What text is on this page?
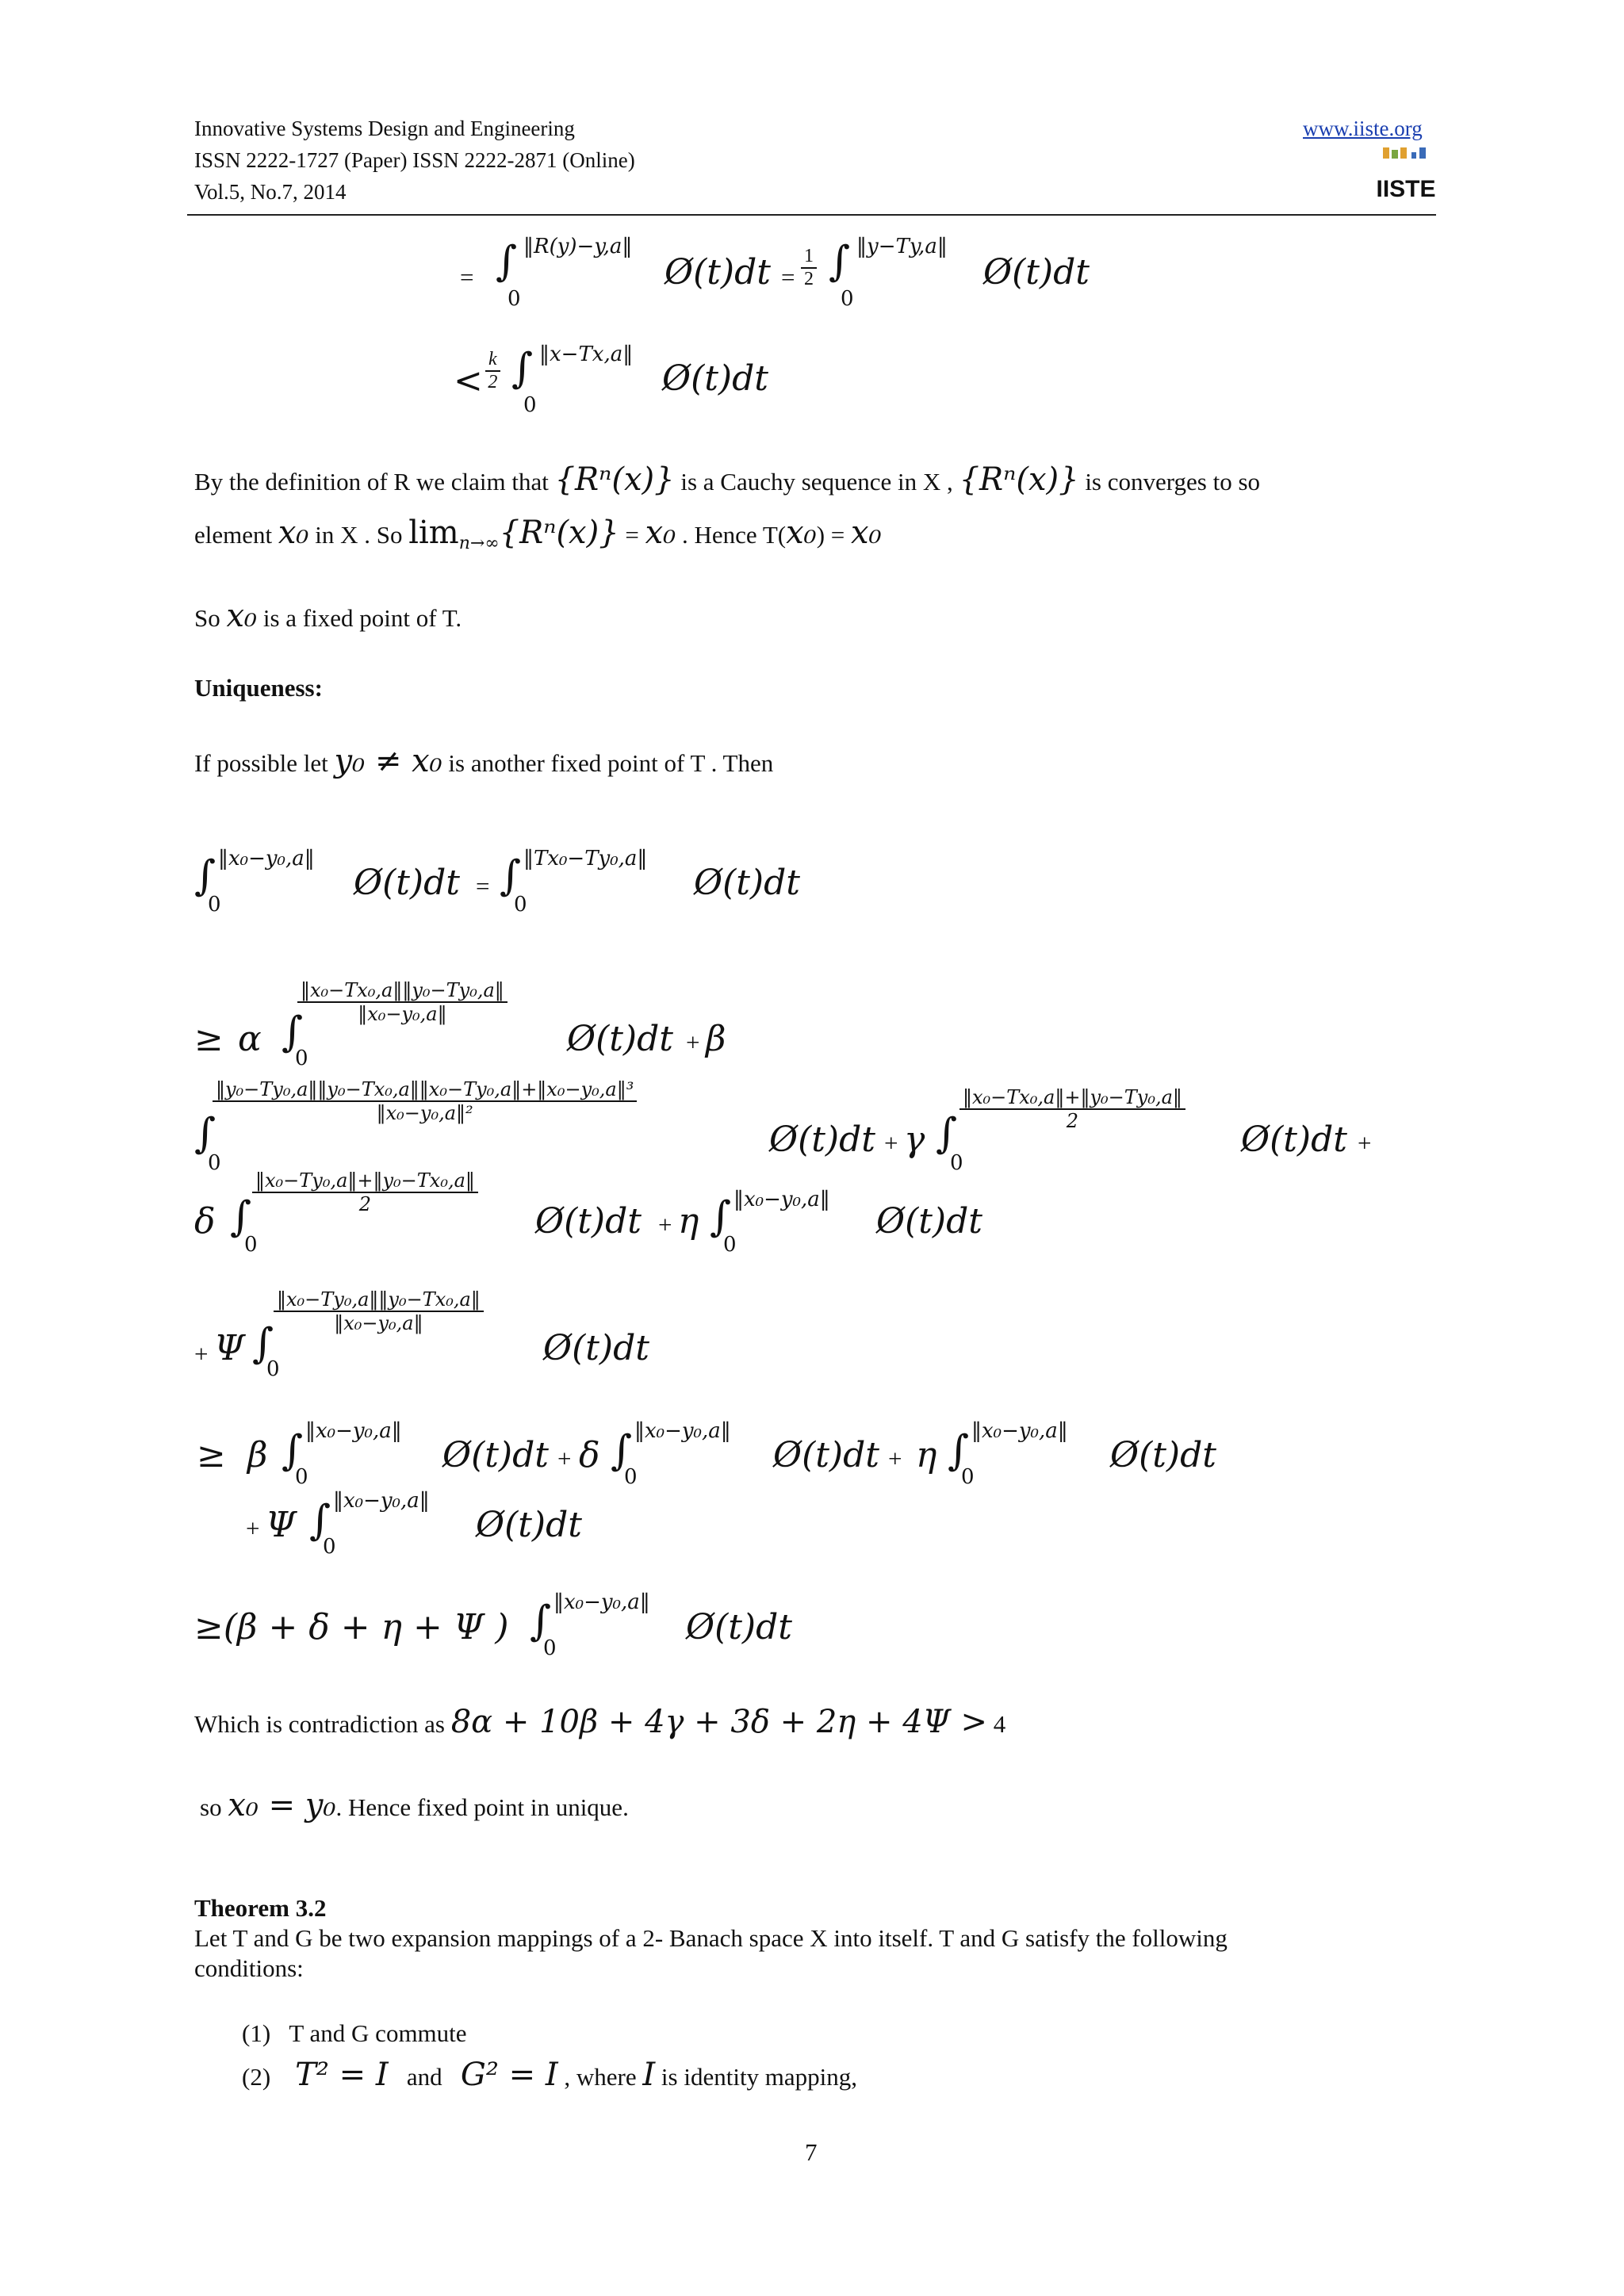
Innovative Systems Design and Engineering
ISSN 2222-1727 (Paper) ISSN 2222-2871 (Online)
Vol.5, No.7, 2014
www.iiste.org
IISTE
= ∫ ‖R(y)−y,a‖
0
Ø(t)dt = $\frac{1}{2}$ ∫ ‖y−Ty,a‖
0
Ø(t)dt
< $\frac{k}{2}$ ∫ ‖x−Tx,a‖
0
Ø(t)dt
By the definition of R we claim that {Rⁿ(x)} is a Cauchy sequence in X , {Rⁿ(x)} is converges to so
element x₀ in X . So $\lim_{n\to\infty}\{R^n(x)\} = x_0$ . Hence T(x₀) = x₀
So x₀ is a fixed point of T.
Uniqueness:
If possible let y₀ ≠ x₀ is another fixed point of T . Then
∫ ‖x₀−y₀,a‖
0
Ø(t)dt = ∫ ‖Tx₀−Ty₀,a‖
0
Ø(t)dt
$\frac{\text{‖x₀−Tx₀,a‖‖y₀−Ty₀,a‖}}{\text{‖x₀−y₀,a‖}}$
≥ α ∫
0	Ø(t)dt + β
$\frac{\text{‖y₀−Ty₀,a‖‖y₀−Tx₀,a‖‖x₀−Ty₀,a‖+‖x₀−y₀,a‖³}}{\text{‖x₀−y₀,a‖²}}$
∫
0
Ø(t)dt + γ ∫
0
$\frac{\text{‖x₀−Tx₀,a‖+‖y₀−Ty₀,a‖}}{2}$
Ø(t)dt +
$\frac{\text{‖x₀−Ty₀,a‖+‖y₀−Tx₀,a‖}}{2}$
δ ∫
0
Ø(t)dt + η ∫ ‖x₀−y₀,a‖
0
Ø(t)dt
$\frac{\text{‖x₀−Ty₀,a‖‖y₀−Tx₀,a‖}}{\text{‖x₀−y₀,a‖}}$
+ Ψ ∫
0
Ø(t)dt
≥ β ∫ ‖x₀−y₀,a‖
0
Ø(t)dt + δ ∫ ‖x₀−y₀,a‖
0
Ø(t)dt + η ∫ ‖x₀−y₀,a‖
0
Ø(t)dt
+ Ψ ∫ ‖x₀−y₀,a‖
0
Ø(t)dt
≥(β + δ + η + Ψ ) ∫ ‖x₀−y₀,a‖
0
Ø(t)dt
Which is contradiction as 8α + 10β + 4γ + 3δ + 2η + 4Ψ > 4
so x₀ = y₀. Hence fixed point in unique.
Theorem 3.2
Let T and G be two expansion mappings of a 2- Banach space X into itself. T and G satisfy the following
conditions:
(1) T and G commute
(2) T² = I and G² = I , where I is identity mapping,
7
